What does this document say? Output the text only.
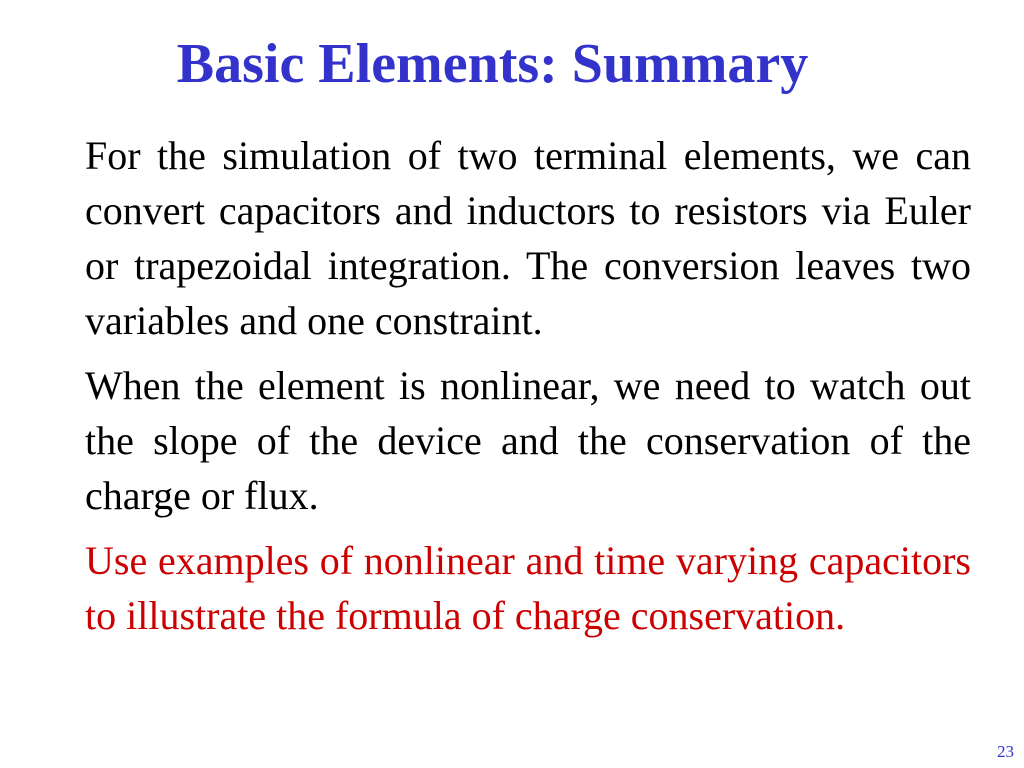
Basic Elements: Summary

For the simulation of two terminal elements, we can convert capacitors and inductors to resistors via Euler or trapezoidal integration. The conversion leaves two variables and one constraint.

When the element is nonlinear, we need to watch out the slope of the device and the conservation of the charge or flux.

Use examples of nonlinear and time varying capacitors to illustrate the formula of charge conservation.

23
